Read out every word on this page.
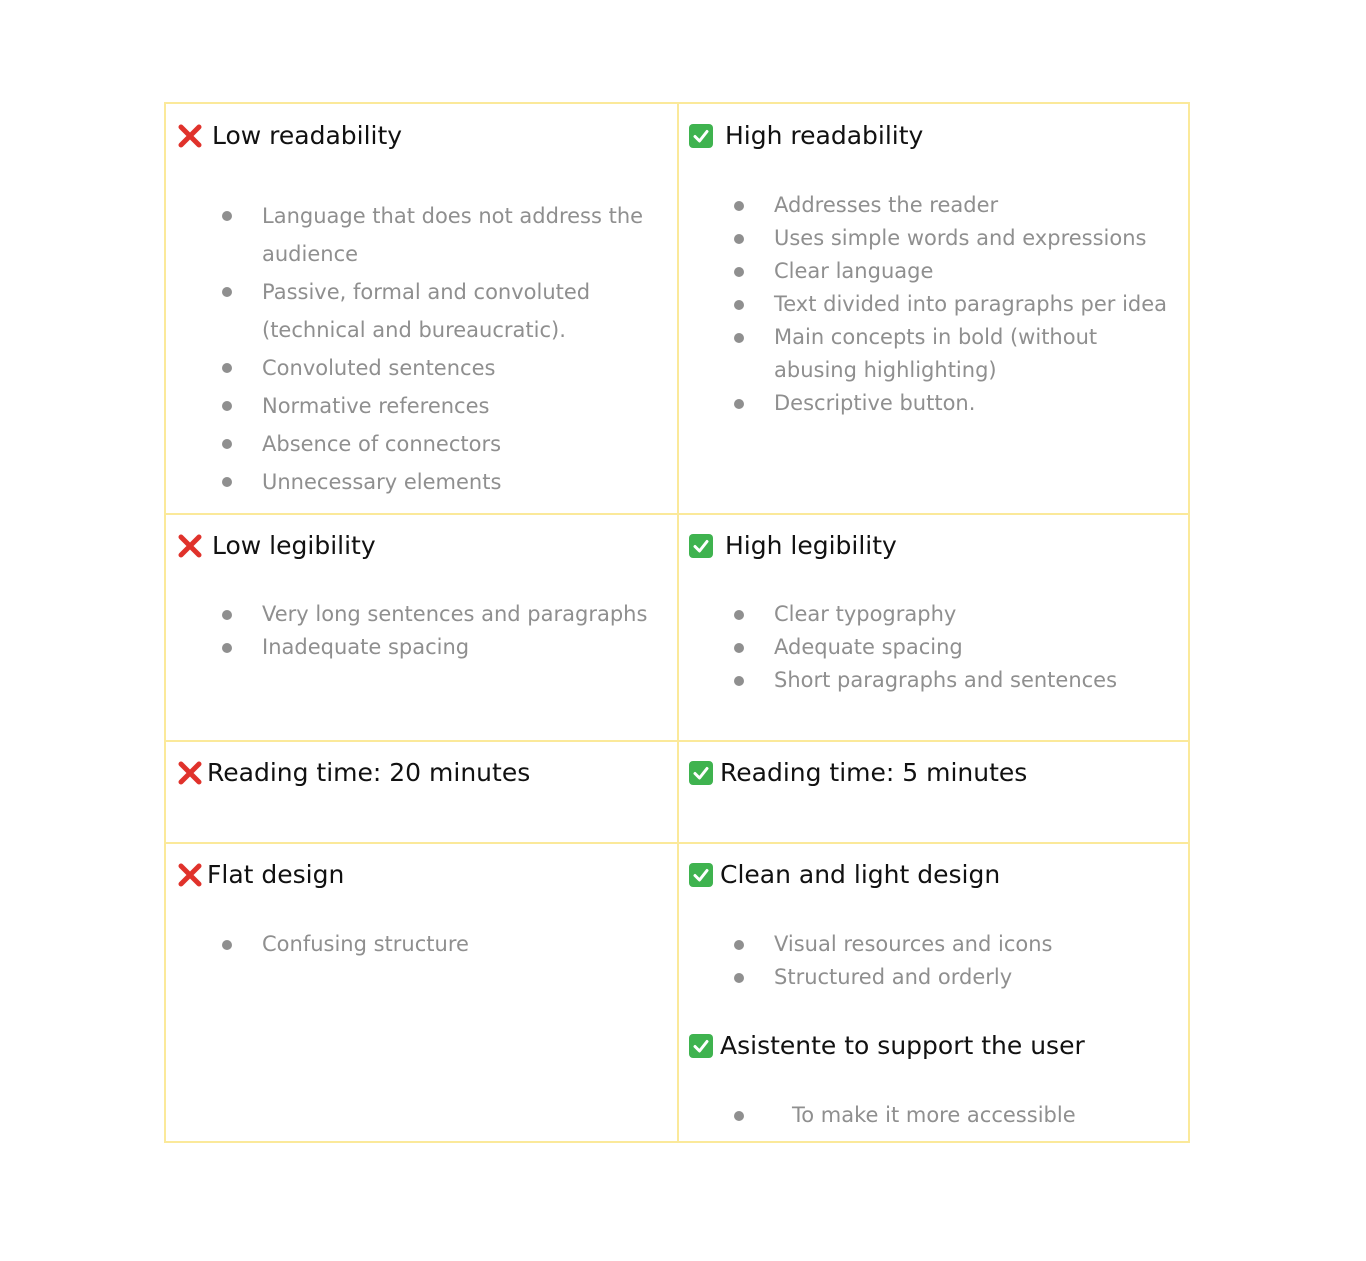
Low readability
Language that does not address the audience
Passive, formal and convoluted (technical and bureaucratic).
Convoluted sentences
Normative references
Absence of connectors
Unnecessary elements
High readability
Addresses the reader
Uses simple words and expressions
Clear language
Text divided into paragraphs per idea
Main concepts in bold (without abusing highlighting)
Descriptive button.
Low legibility
Very long sentences and paragraphs
Inadequate spacing
High legibility
Clear typography
Adequate spacing
Short paragraphs and sentences
Reading time: 20 minutes	Reading time: 5 minutes
Flat design
Confusing structure
Clean and light design
Visual resources and icons
Structured and orderly
Asistente to support the user
To make it more accessible
